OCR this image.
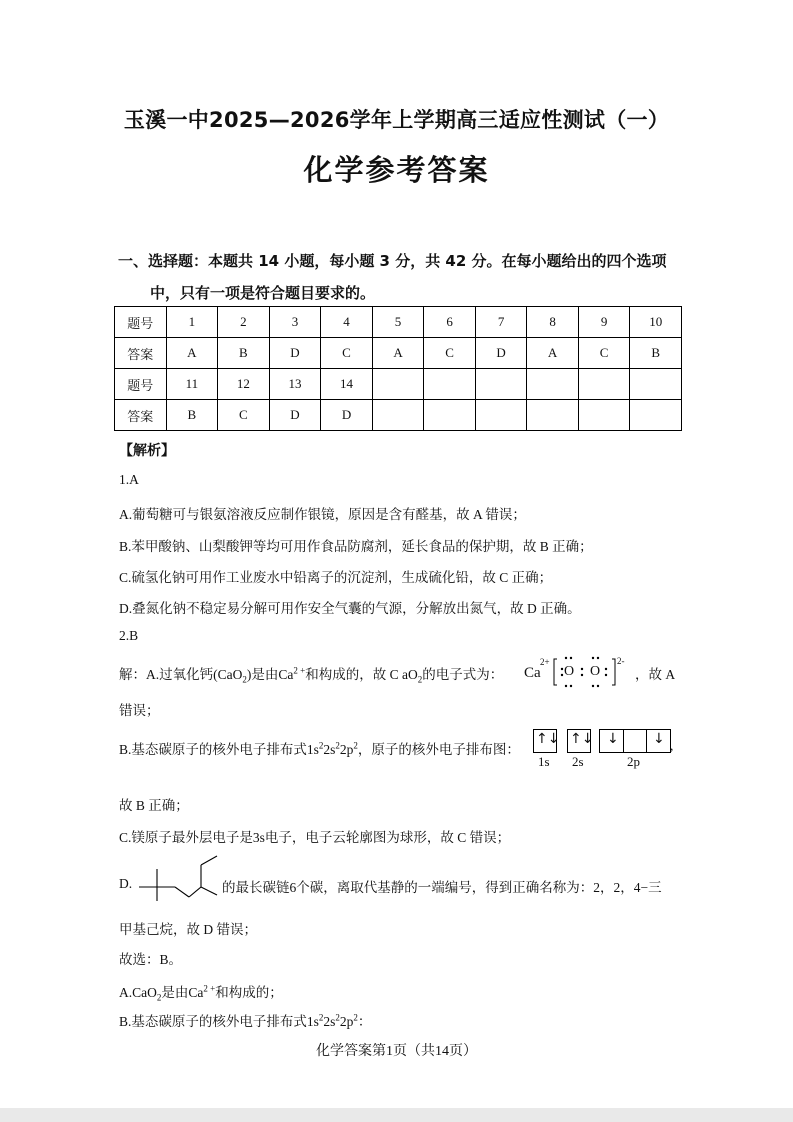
玉溪一中2025—2026学年上学期高三适应性测试（一）
化学参考答案
一、选择题：本题共 14 小题，每小题 3 分，共 42 分。在每小题给出的四个选项
中，只有一项是符合题目要求的。
题号	1	2	3	4	5	6	7	8	9	10
答案	A	B	D	C	A	C	D	A	C	B
题号	11	12	13	14						
答案	B	C	D	D						
【解析】
1.A
A.葡萄糖可与银氨溶液反应制作银镜，原因是含有醛基，故 A 错误；
B.苯甲酸钠、山梨酸钾等均可用作食品防腐剂，延长食品的保护期，故 B 正确；
C.硫氢化钠可用作工业废水中铅离子的沉淀剂，生成硫化铅，故 C 正确；
D.叠氮化钠不稳定易分解可用作安全气囊的气源，分解放出氮气，故 D 正确。
2.B
解：A.过氧化钙(CaO$_2$)是由$Ca^{2 +}$和构成的，故 C $aO_2$的电子式为： Ca
2+
O O
2-
，故 A
错误；
B.基态碳原子的核外电子排布式$1s^22s^22p^2$，原子的核外电子排布图：
↑↓ ↑↓ ↓ ↓
1s 2s	2p
,
故 B 正确；
C.镁原子最外层电子是3s电子，电子云轮廓图为球形，故 C 错误；
D.	的最长碳链6个碳，离取代基静的一端编号，得到正确名称为：2，2，4−三
甲基己烷，故 D 错误；
故选：B。
A.CaO$_2$是由$Ca^{2 +}$和构成的；
B.基态碳原子的核外电子排布式$1s^22s^22p^2$：
化学答案第1页（共14页）
